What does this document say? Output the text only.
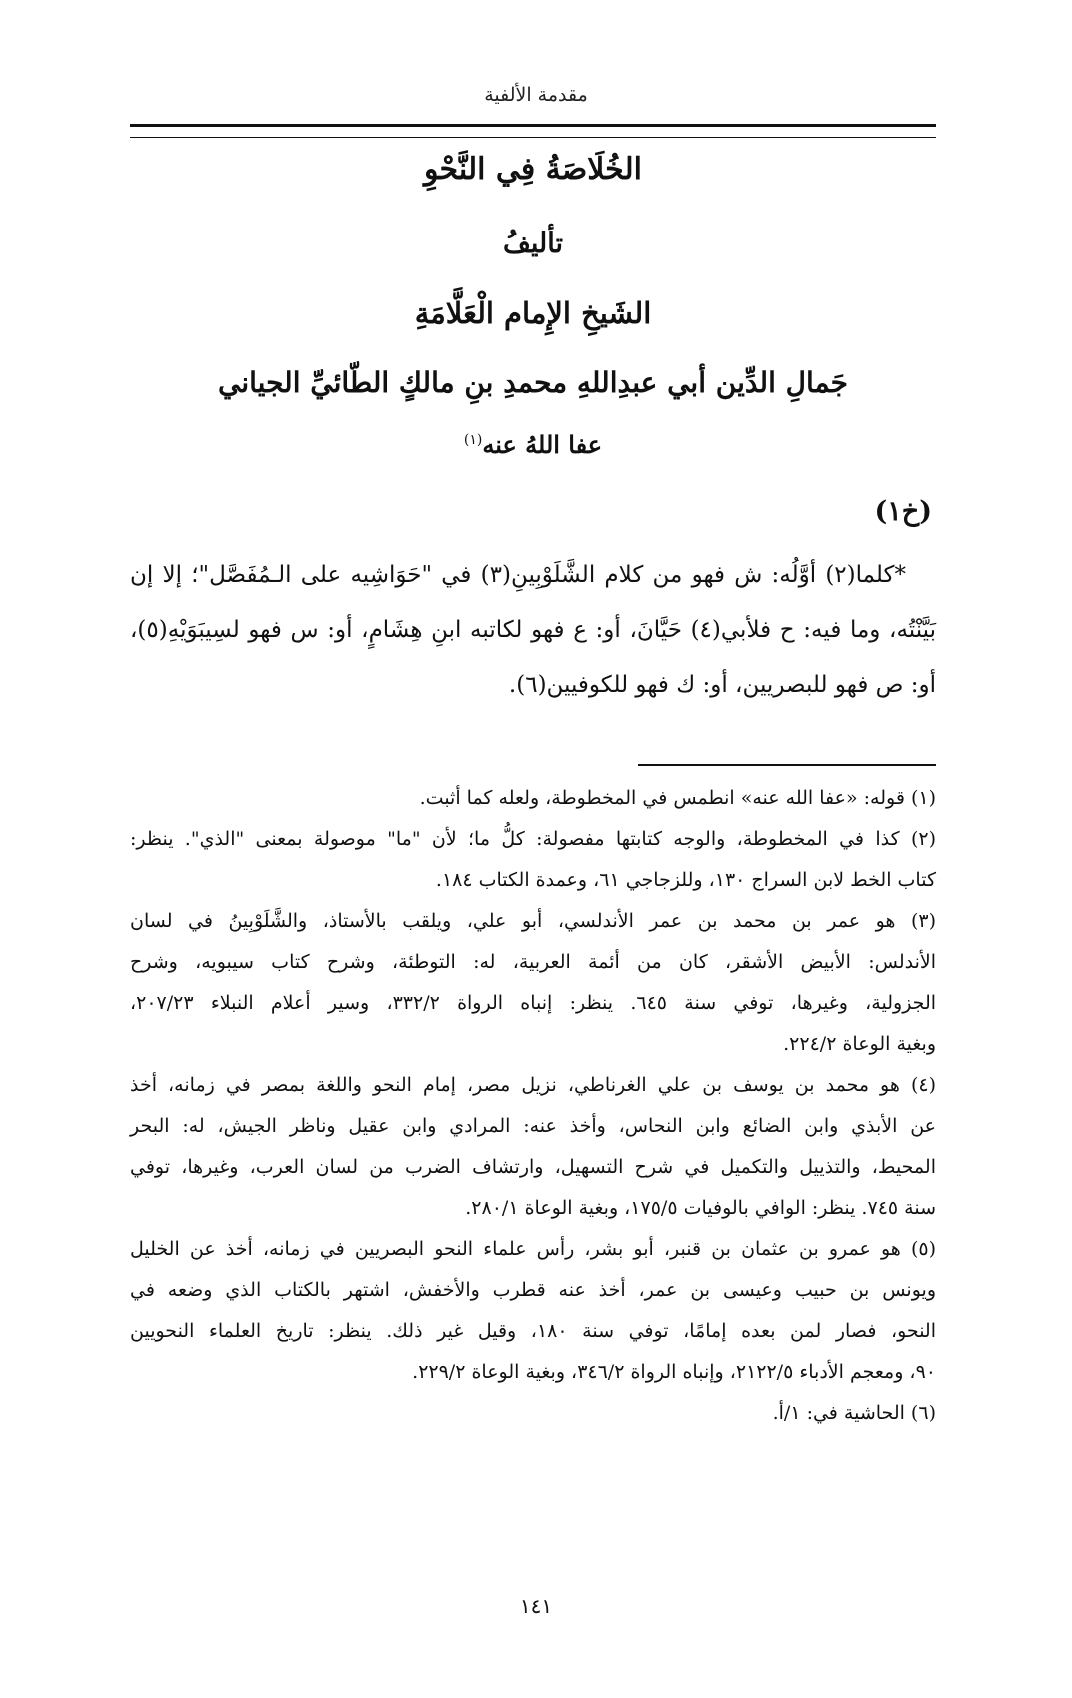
مقدمة الألفية
الخُلَاصَةُ فِي النَّحْوِ
تأليفُ
الشَيخِ الإِمام الْعَلَّامَةِ
جَمالِ الدِّين أبي عبدِاللهِ محمدِ بنِ مالكٍ الطّائيِّ الجياني
عفا اللهُ عنه$^{(١)}$
(خ١)

*كلما(٢) أوَّلُه: ش فهو من كلام الشَّلَوْبِينِ(٣) في "حَوَاشِيه على الـمُفَصَّل"؛ إلا إن بَيَّنْتُه، وما فيه: ح فلأبي(٤) حَيَّانَ، أو: ع فهو لكاتبه ابنِ هِشَامٍ، أو: س فهو لسِيبَوَيْهِ(٥)، أو: ص فهو للبصريين، أو: ك فهو للكوفيين(٦).

(١) قوله: «عفا الله عنه» انطمس في المخطوطة، ولعله كما أثبت.
(٢) كذا في المخطوطة، والوجه كتابتها مفصولة: كلُّ ما؛ لأن "ما" موصولة بمعنى "الذي". ينظر:
كتاب الخط لابن السراج ١٣٠، وللزجاجي ٦١، وعمدة الكتاب ١٨٤.
(٣) هو عمر بن محمد بن عمر الأندلسي، أبو علي، ويلقب بالأستاذ، والشَّلَوْبِينُ في لسان
الأندلس: الأبيض الأشقر، كان من أئمة العربية، له: التوطئة، وشرح كتاب سيبويه، وشرح
الجزولية، وغيرها، توفي سنة ٦٤٥. ينظر: إنباه الرواة ٣٣٢/٢، وسير أعلام النبلاء ٢٠٧/٢٣،
وبغية الوعاة ٢٢٤/٢.
(٤) هو محمد بن يوسف بن علي الغرناطي، نزيل مصر، إمام النحو واللغة بمصر في زمانه، أخذ
عن الأبذي وابن الضائع وابن النحاس، وأخذ عنه: المرادي وابن عقيل وناظر الجيش، له: البحر
المحيط، والتذييل والتكميل في شرح التسهيل، وارتشاف الضرب من لسان العرب، وغيرها، توفي
سنة ٧٤٥. ينظر: الوافي بالوفيات ١٧٥/٥، وبغية الوعاة ٢٨٠/١.
(٥) هو عمرو بن عثمان بن قنبر، أبو بشر، رأس علماء النحو البصريين في زمانه، أخذ عن الخليل
ويونس بن حبيب وعيسى بن عمر، أخذ عنه قطرب والأخفش، اشتهر بالكتاب الذي وضعه في
النحو، فصار لمن بعده إمامًا، توفي سنة ١٨٠، وقيل غير ذلك. ينظر: تاريخ العلماء النحويين
٩٠، ومعجم الأدباء ٢١٢٢/٥، وإنباه الرواة ٣٤٦/٢، وبغية الوعاة ٢٢٩/٢.
(٦) الحاشية في: ١/أ.
١٤١
